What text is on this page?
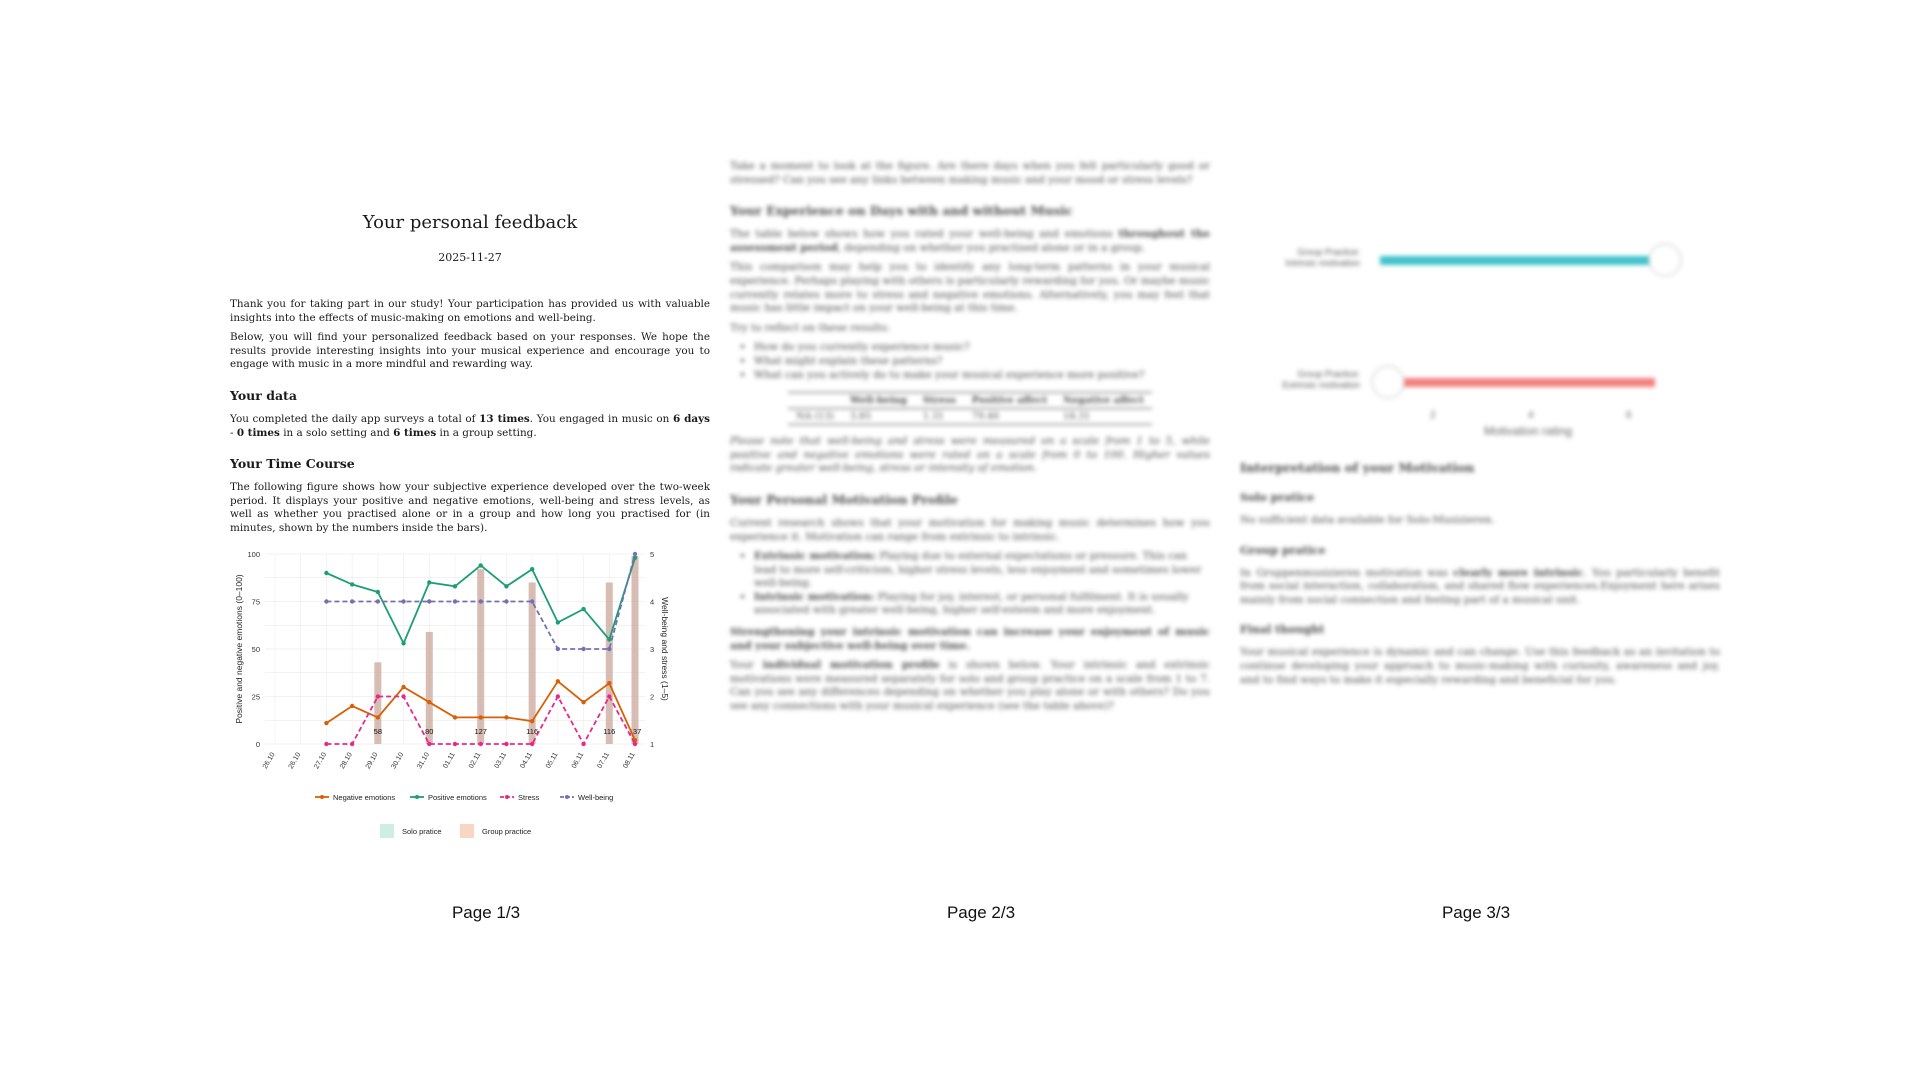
Your personal feedback
2025-11-27

Thank you for taking part in our study! Your participation has provided us with valuable insights into the effects of music-making on emotions and well-being.

Below, you will find your personalized feedback based on your responses. We hope the results provide interesting insights into your musical experience and encourage you to engage with music in a more mindful and rewarding way.

Your data

You completed the daily app surveys a total of 13 times. You engaged in music on 6 days - 0 times in a solo setting and 6 times in a group setting.

Your Time Course

The following figure shows how your subjective experience developed over the two-week period. It displays your positive and negative emotions, well-being and stress levels, as well as whether you practised alone or in a group and how long you practised for (in minutes, shown by the numbers inside the bars).

58	80	127	116	116 137
0
25
50
75
100
1
2
3
4
5
26.10 26.10 27.10 28.10 29.10 30.10 31.10 01.11 02.11 03.11 04.11 05.11 06.11 07.11 08.11
Positive and negative emotions (0–100)	Well-being and stress (1–5)
Negative emotions	Positive emotions	Stress	Well-being
Solo pratice	Group practice

Take a moment to look at the figure. Are there days when you felt particularly good or stressed? Can you see any links between making music and your mood or stress levels?

Your Experience on Days with and without Music

The table below shows how you rated your well-being and emotions throughout the assessment period, depending on whether you practised alone or in a group.

This comparison may help you to identify any long-term patterns in your musical experience. Perhaps playing with others is particularly rewarding for you. Or maybe music currently relates more to stress and negative emotions. Alternatively, you may feel that music has little impact on your well-being at this time.

Try to reflect on these results:

• How do you currently experience music?
• What might explain these patterns?
• What can you actively do to make your musical experience more positive?
	Well-being	Stress	Positive affect	Negative affect
NA (13)	3.85	1.31	79.46	18.31

Please note that well-being and stress were measured on a scale from 1 to 5, while positive and negative emotions were rated on a scale from 0 to 100. Higher values indicate greater well-being, stress or intensity of emotion.

Your Personal Motivation Profile

Current research shows that your motivation for making music determines how you experience it. Motivation can range from extrinsic to intrinsic.

• Extrinsic motivation: Playing due to external expectations or pressure. This can lead to more self-criticism, higher stress levels, less enjoyment and sometimes lower well-being.
• Intrinsic motivation: Playing for joy, interest, or personal fulfilment. It is usually associated with greater well-being, higher self-esteem and more enjoyment.

Strengthening your intrinsic motivation can increase your enjoyment of music and your subjective well-being over time.

Your individual motivation profile is shown below. Your intrinsic and extrinsic motivations were measured separately for solo and group practice on a scale from 1 to 7. Can you see any differences depending on whether you play alone or with others? Do you see any connections with your musical experience (see the table above)?

Group Practice:
Intrinsic motivation
Group Practice:
Extrinsic motivation
2	4	6
Motivation rating
Interpretation of your Motivation
Solo pratice

No sufficient data available for Solo-Musizieren.

Group pratice

In Gruppenmusizieren motivation was clearly more intrinsic. You particularly benefit from social interaction, collaboration, and shared flow experiences.Enjoyment here arises mainly from social connection and feeling part of a musical unit.

Final thought

Your musical experience is dynamic and can change. Use this feedback as an invitation to continue developing your approach to music-making with curiosity, awareness and joy, and to find ways to make it especially rewarding and beneficial for you.

Page 1/3	Page 2/3	Page 3/3
